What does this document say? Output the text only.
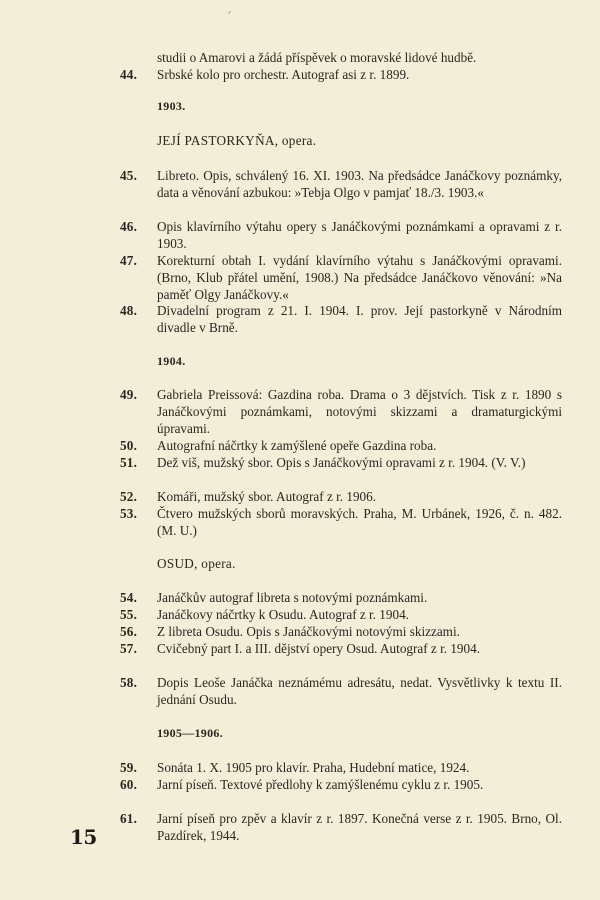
studii o Amarovi a žádá příspěvek o moravské lidové hudbě.
44.	Srbské kolo pro orchestr. Autograf asi z r. 1899.
1903.
JEJÍ PASTORKYŇA, opera.
45.	Libreto. Opis, schválený 16. XI. 1903. Na předsádce Janáčkovy poznámky, data a věnování azbukou: »Tebja Olgo v pamjať 18./3. 1903.«
46.	Opis klavírního výtahu opery s Janáčkovými poznámkami a opravami z r. 1903.
47.	Korekturní obtah I. vydání klavírního výtahu s Janáčkovými opravami. (Brno, Klub přátel umění, 1908.) Na předsádce Janáčkovo věnování: »Na paměť Olgy Janáčkovy.«
48.	Divadelní program z 21. I. 1904. I. prov. Její pastorkyně v Národním divadle v Brně.
1904.
49.	Gabriela Preissová: Gazdina roba. Drama o 3 dějstvích. Tisk z r. 1890 s Janáčkovými poznámkami, notovými skizzami a dramaturgickými úpravami.
50.	Autografní náčrtky k zamýšlené opeře Gazdina roba.
51.	Dež viš, mužský sbor. Opis s Janáčkovými opravami z r. 1904. (V. V.)
52.	Komáři, mužský sbor. Autograf z r. 1906.
53.	Čtvero mužských sborů moravských. Praha, M. Urbánek, 1926, č. n. 482. (M. U.)
OSUD, opera.
54.	Janáčkův autograf libreta s notovými poznámkami.
55.	Janáčkovy náčrtky k Osudu. Autograf z r. 1904.
56.	Z libreta Osudu. Opis s Janáčkovými notovými skizzami.
57.	Cvičebný part I. a III. dějství opery Osud. Autograf z r. 1904.
58.	Dopis Leoše Janáčka neznámému adresátu, nedat. Vysvětlivky k textu II. jednání Osudu.
1905—1906.
59.	Sonáta 1. X. 1905 pro klavír. Praha, Hudební matice, 1924.
60.	Jarní píseň. Textové předlohy k zamýšlenému cyklu z r. 1905.
61.	Jarní píseň pro zpěv a klavír z r. 1897. Konečná verse z r. 1905. Brno, Ol. Pazdírek, 1944.
15
